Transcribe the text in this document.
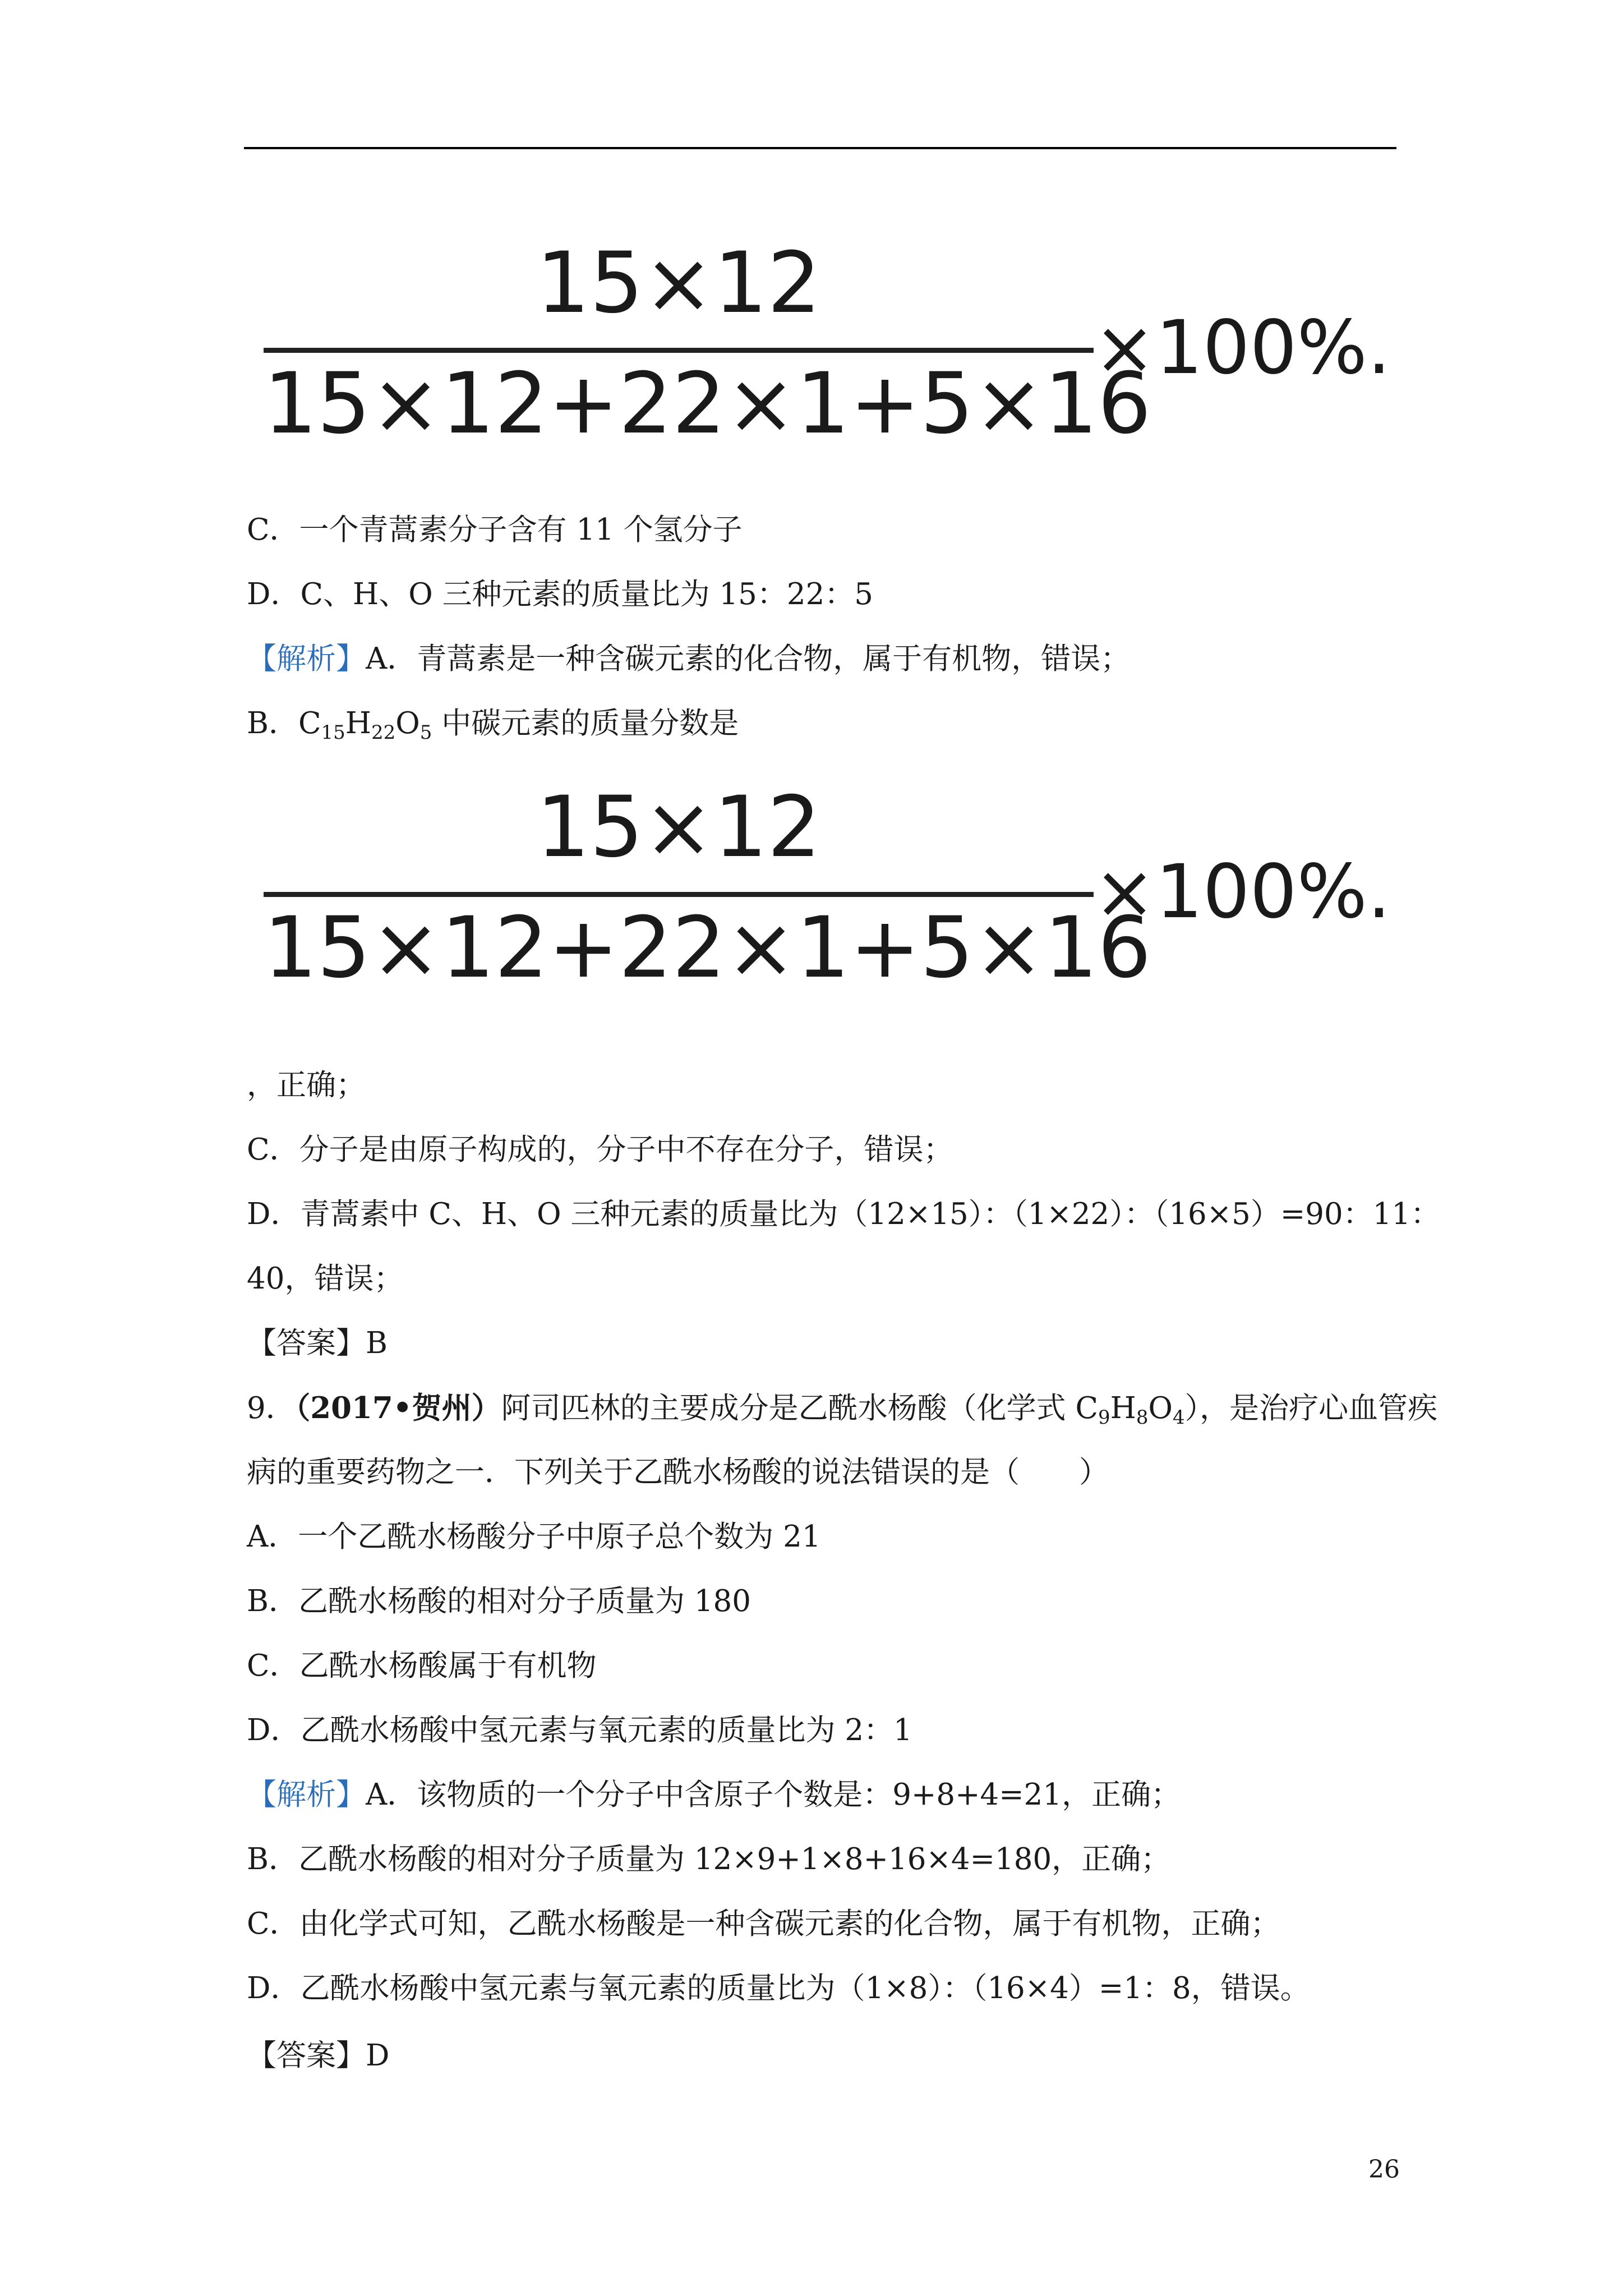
15×12
15×12+22×1+5×16
×100%.
C．一个青蒿素分子含有 11 个氢分子
D．C、H、O 三种元素的质量比为 15：22：5
【解析】A．青蒿素是一种含碳元素的化合物，属于有机物，错误；
B．$C_{15}H_{22}O_5$ 中碳元素的质量分数是
15×12
15×12+22×1+5×16
×100%.
，正确；
C．分子是由原子构成的，分子中不存在分子，错误；
D．青蒿素中 C、H、O 三种元素的质量比为（12×15）：（1×22）：（16×5）=90：11：
40，错误；
【答案】B
9．（2017•贺州）阿司匹林的主要成分是乙酰水杨酸（化学式 $C_9H_8O_4$），是治疗心血管疾
病的重要药物之一．下列关于乙酰水杨酸的说法错误的是（　　）
A．一个乙酰水杨酸分子中原子总个数为 21
B．乙酰水杨酸的相对分子质量为 180
C．乙酰水杨酸属于有机物
D．乙酰水杨酸中氢元素与氧元素的质量比为 2：1
【解析】A．该物质的一个分子中含原子个数是：9+8+4=21，正确；
B．乙酰水杨酸的相对分子质量为 12×9+1×8+16×4=180，正确；
C．由化学式可知，乙酰水杨酸是一种含碳元素的化合物，属于有机物，正确；
D．乙酰水杨酸中氢元素与氧元素的质量比为（1×8）：（16×4）=1：8，错误。
【答案】D
26
